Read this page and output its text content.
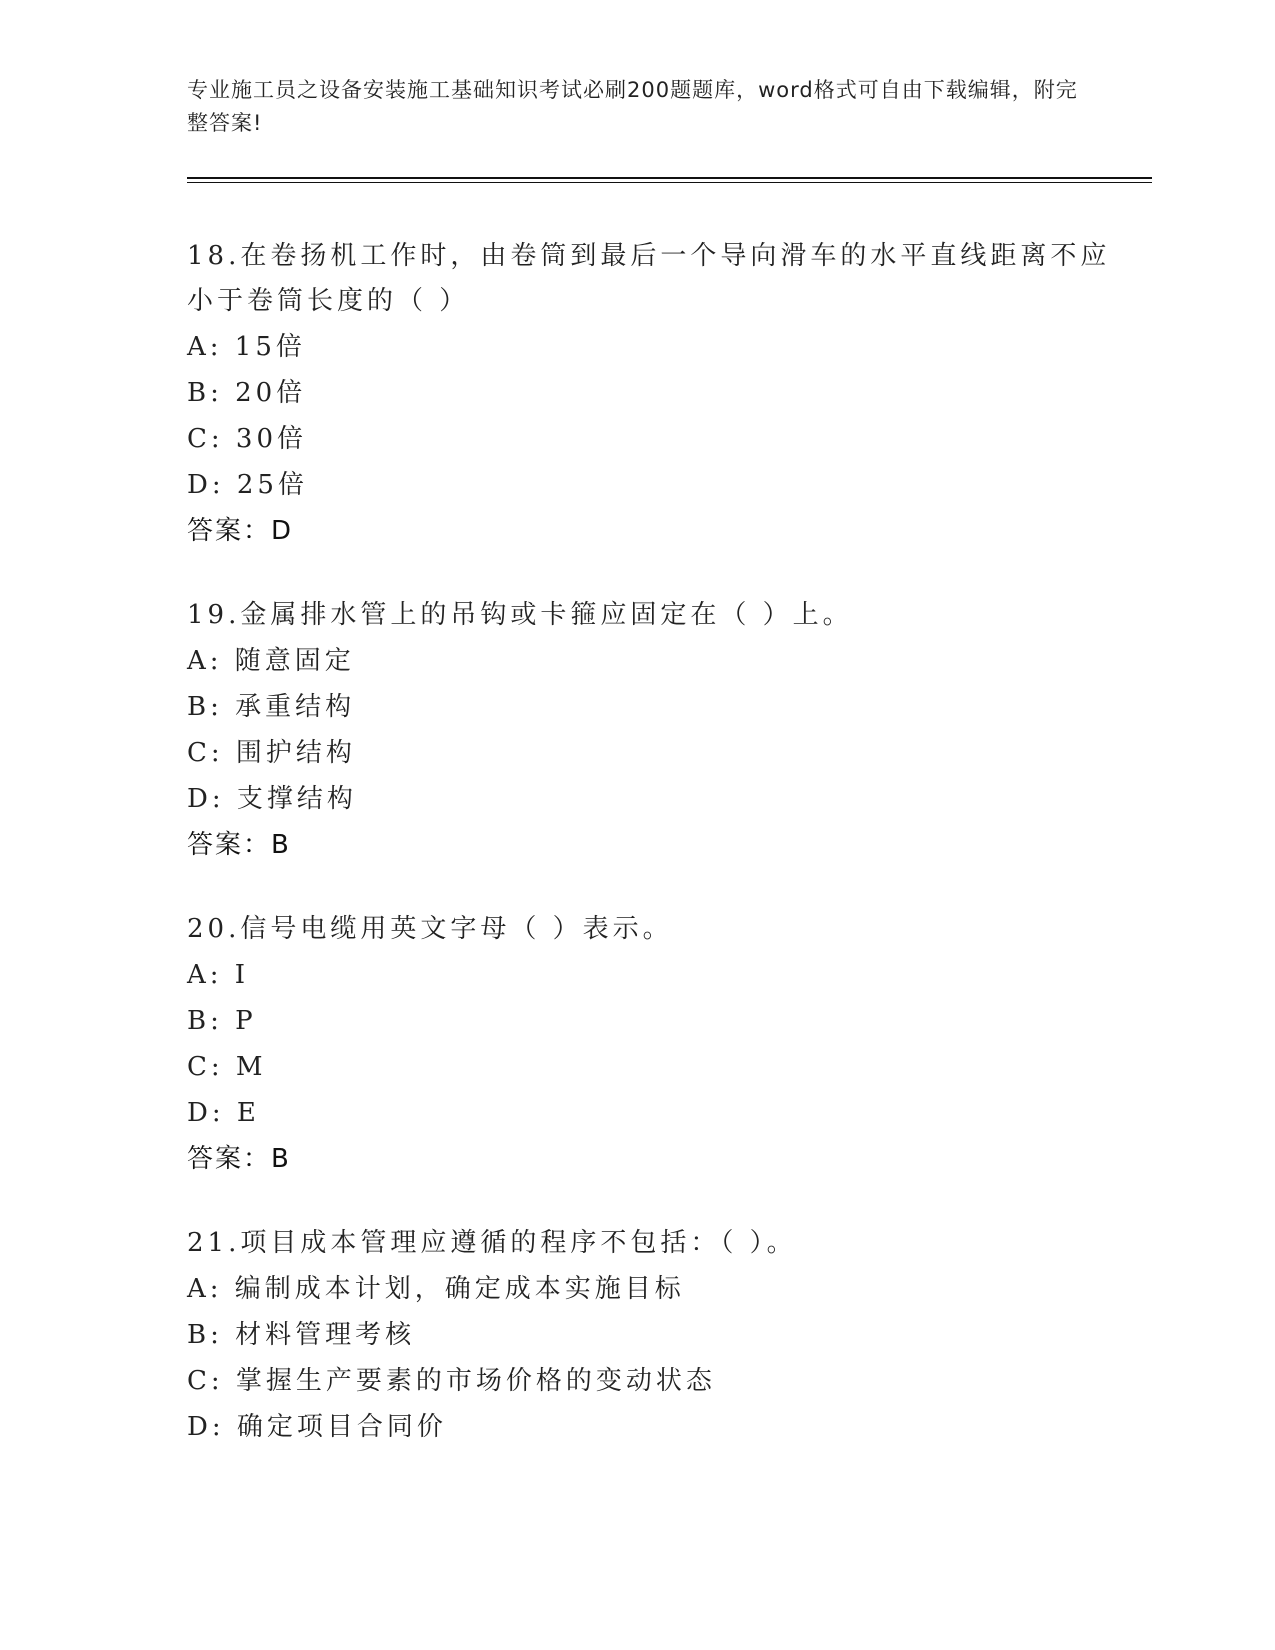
专业施工员之设备安装施工基础知识考试必刷200题题库，word格式可自由下载编辑，附完整答案!

18.在卷扬机工作时，由卷筒到最后一个导向滑车的水平直线距离不应小于卷筒长度的（ ）

A: 15倍

B: 20倍

C: 30倍

D: 25倍

答案：D

19.金属排水管上的吊钩或卡箍应固定在（ ）上。

A: 随意固定

B: 承重结构

C: 围护结构

D: 支撑结构

答案：B

20.信号电缆用英文字母（ ）表示。

A: I

B: P

C: M

D: E

答案：B

21.项目成本管理应遵循的程序不包括：（ ）。

A: 编制成本计划，确定成本实施目标

B: 材料管理考核

C: 掌握生产要素的市场价格的变动状态

D: 确定项目合同价
